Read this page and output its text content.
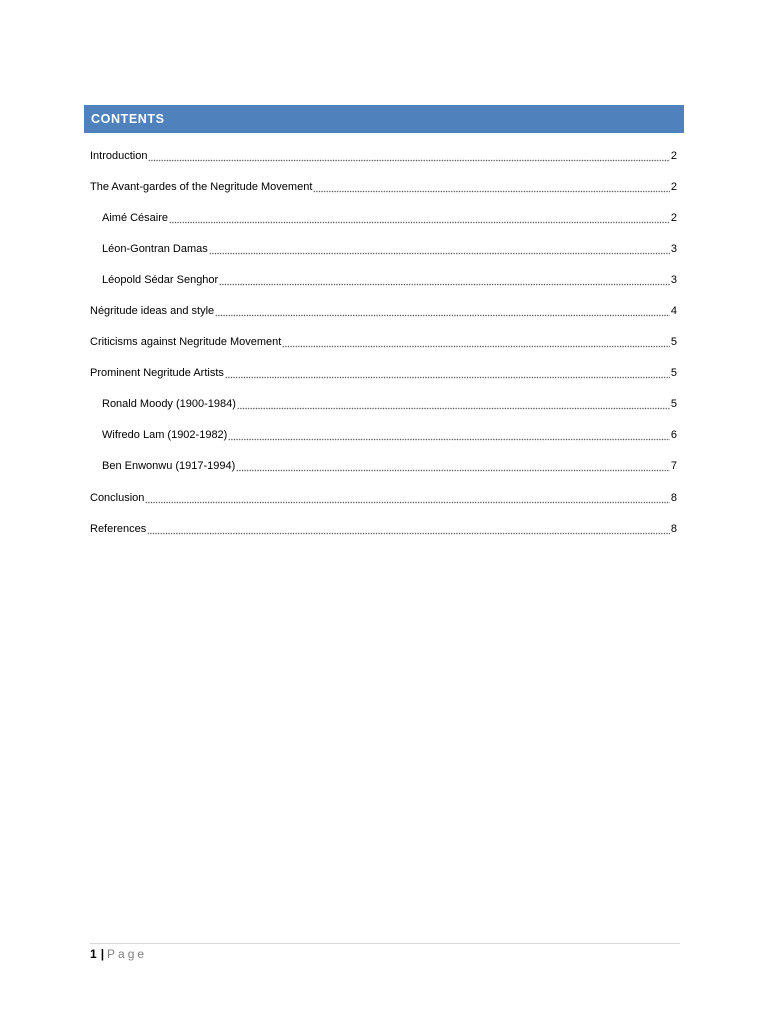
CONTENTS
Introduction	2
The Avant-gardes of the Negritude Movement	2
Aimé Césaire	2
Léon-Gontran Damas	3
Léopold Sédar Senghor	3
Négritude ideas and style	4
Criticisms against Negritude Movement	5
Prominent Negritude Artists	5
Ronald Moody (1900-1984)	5
Wifredo Lam (1902-1982)	6
Ben Enwonwu (1917-1994)	7
Conclusion	8
References	8
1 | Page
